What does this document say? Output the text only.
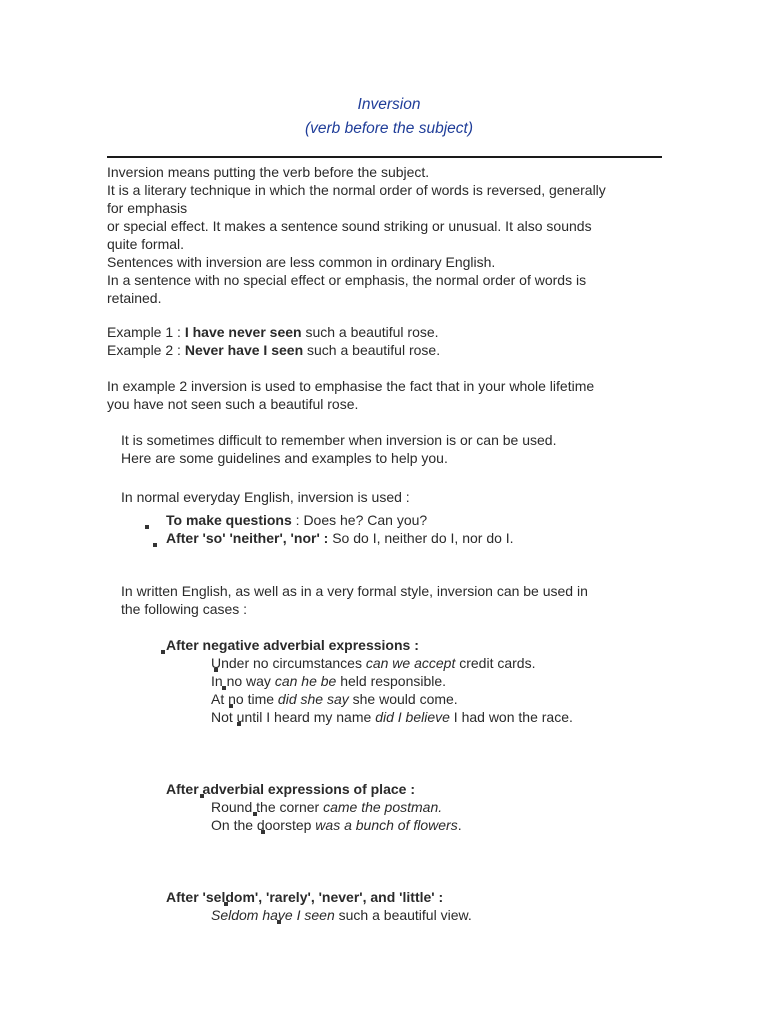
Inversion
(verb before the subject)

Inversion means putting the verb before the subject.

It is a literary technique in which the normal order of words is reversed, generally

for emphasis

or special effect. It makes a sentence sound striking or unusual. It also sounds

quite formal.

Sentences with inversion are less common in ordinary English.

In a sentence with no special effect or emphasis, the normal order of words is

retained.

Example 1 : I have never seen such a beautiful rose.

Example 2 : Never have I seen such a beautiful rose.

In example 2 inversion is used to emphasise the fact that in your whole lifetime

you have not seen such a beautiful rose.

It is sometimes difficult to remember when inversion is or can be used.

Here are some guidelines and examples to help you.

In normal everyday English, inversion is used :

To make questions : Does he? Can you?

After 'so' 'neither', 'nor' : So do I, neither do I, nor do I.

In written English, as well as in a very formal style, inversion can be used in

the following cases :

After negative adverbial expressions :

Under no circumstances can we accept credit cards.

In no way can he be held responsible.

At no time did she say she would come.

Not until I heard my name did I believe I had won the race.

After adverbial expressions of place :

Round the corner came the postman.

On the doorstep was a bunch of flowers.

After 'seldom', 'rarely', 'never', and 'little' :
Seldom have I seen such a beautiful view.
